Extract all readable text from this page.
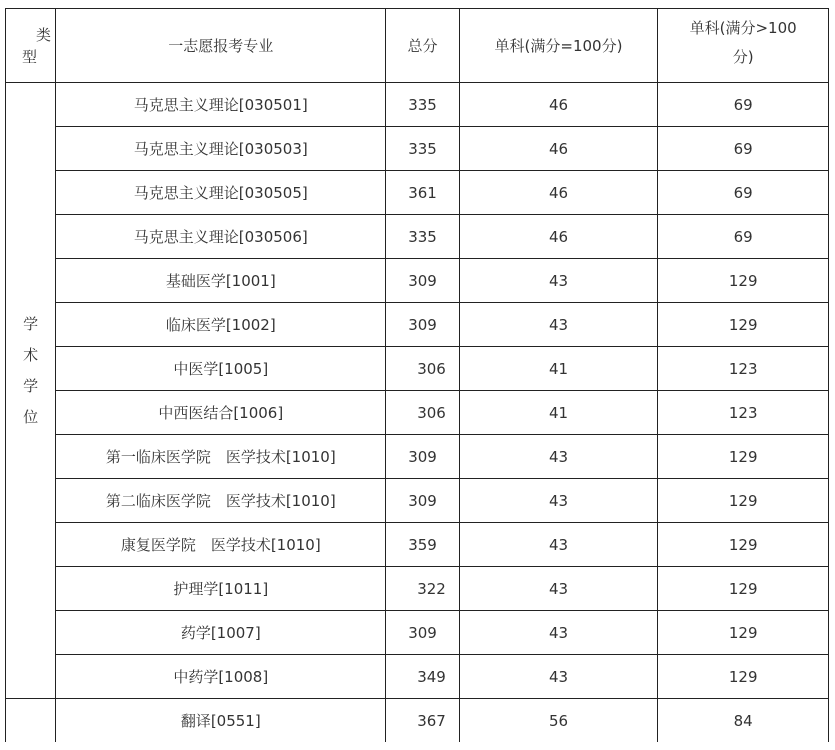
类
型	一志愿报考专业	总分	单科(满分=100分)	单科(满分>100
分)

学
术
学
位	马克思主义理论[030501]	335	46	69
	马克思主义理论[030503]	335	46	69
	马克思主义理论[030505]	361	46	69
	马克思主义理论[030506]	335	46	69
	基础医学[1001]	309	43	129
	临床医学[1002]	309	43	129
	中医学[1005]	306	41	123
	中西医结合[1006]	306	41	123
	第一临床医学院　医学技术[1010]	309	43	129
	第二临床医学院　医学技术[1010]	309	43	129
	康复医学院　医学技术[1010]	359	43	129
	护理学[1011]	322	43	129
	药学[1007]	309	43	129
	中药学[1008]	349	43	129
	翻译[0551]	367	56	84
